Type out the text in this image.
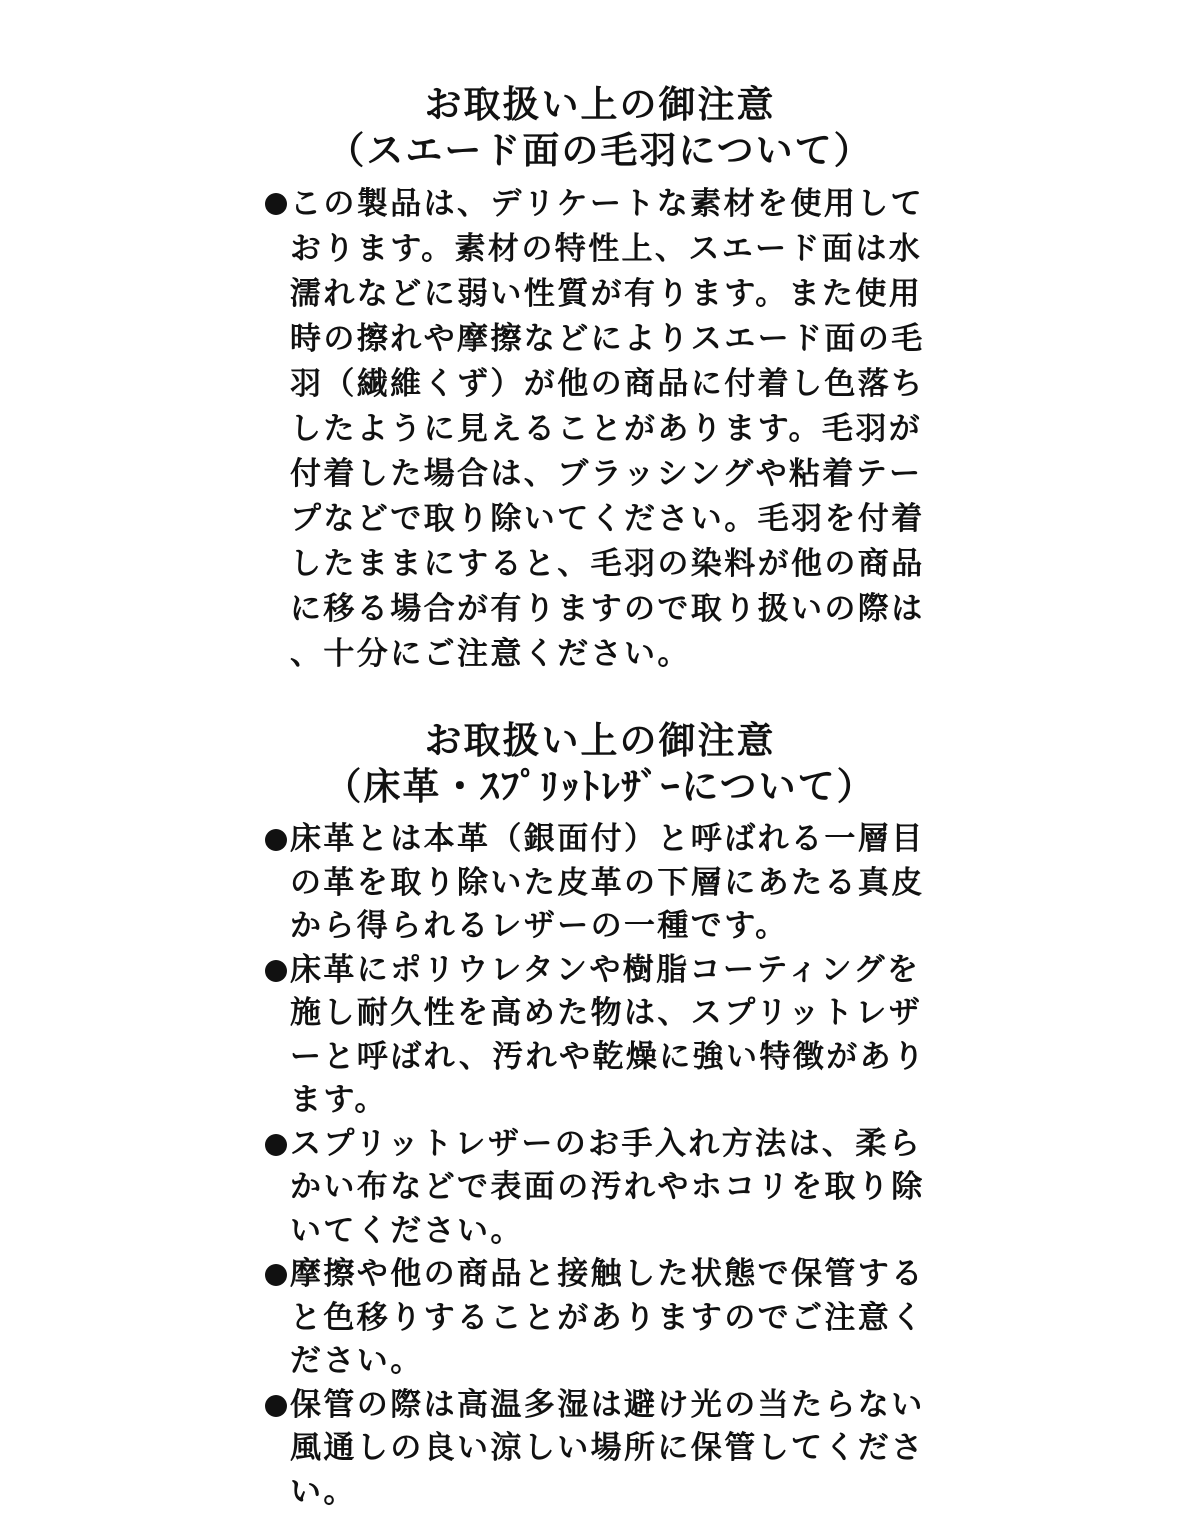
お取扱い上の御注意
（スエード面の毛羽について）
この製品は、デリケートな素材を使用しております。素材の特性上、スエード面は水濡れなどに弱い性質が有ります。また使用時の擦れや摩擦などによりスエード面の毛羽（繊維くず）が他の商品に付着し色落ちしたように見えることがあります。毛羽が付着した場合は、ブラッシングや粘着テープなどで取り除いてください。毛羽を付着したままにすると、毛羽の染料が他の商品に移る場合が有りますので取り扱いの際は、十分にご注意ください。
お取扱い上の御注意
（床革・ｽﾌﾟﾘｯﾄﾚｻﾞｰについて）
床革とは本革（銀面付）と呼ばれる一層目の革を取り除いた皮革の下層にあたる真皮から得られるレザーの一種です。
床革にポリウレタンや樹脂コーティングを施し耐久性を高めた物は、スプリットレザーと呼ばれ、汚れや乾燥に強い特徴があります。
スプリットレザーのお手入れ方法は、柔らかい布などで表面の汚れやホコリを取り除いてください。
摩擦や他の商品と接触した状態で保管すると色移りすることがありますのでご注意ください。
保管の際は高温多湿は避け光の当たらない風通しの良い涼しい場所に保管してください。
